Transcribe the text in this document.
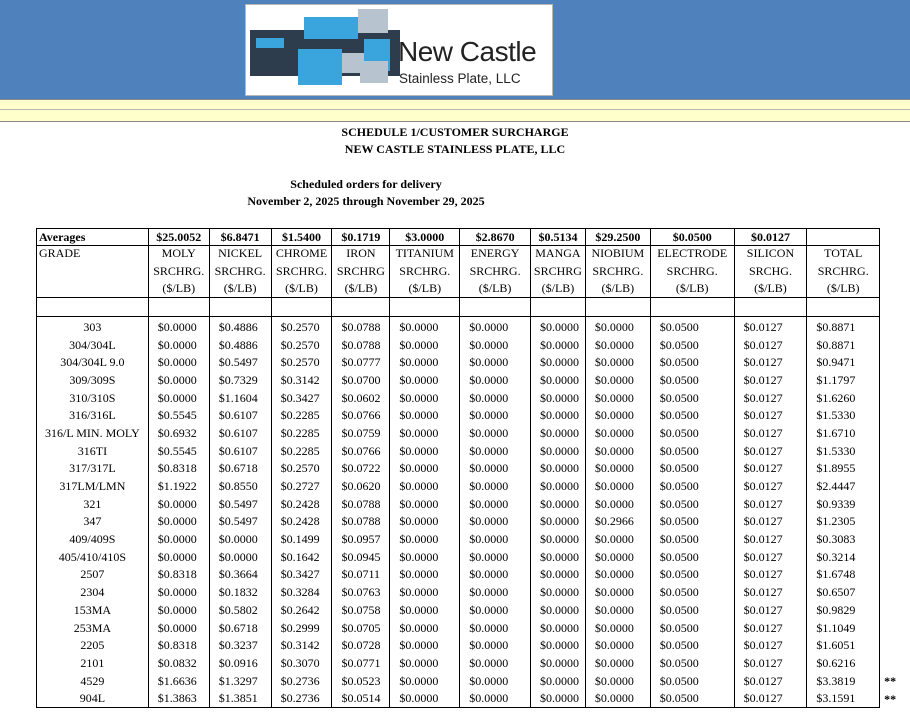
New Castle
Stainless Plate, LLC
SCHEDULE 1/CUSTOMER SURCHARGE
NEW CASTLE STAINLESS PLATE, LLC
Scheduled orders for delivery
November 2, 2025 through November 29, 2025
Averages	$25.0052	$6.8471	$1.5400	$0.1719	$3.0000	$2.8670	$0.5134	$29.2500	$0.0500	$0.0127		
GRADE	MOLY	NICKEL	CHROME	IRON	TITANIUM	ENERGY	MANGA	NIOBIUM	ELECTRODE	SILICON	TOTAL	
	SRCHRG.	SRCHRG.	SRCHRG.	SRCHRG	SRCHRG.	SRCHRG.	SRCHRG	SRCHRG.	SRCHRG.	SRCHG.	SRCHRG.	
	($/LB)	($/LB)	($/LB)	($/LB)	($/LB)	($/LB)	($/LB)	($/LB)	($/LB)	($/LB)	($/LB)	

303	$0.0000	$0.4886	$0.2570	$0.0788	$0.0000	$0.0000	$0.0000	$0.0000	$0.0500	$0.0127	$0.8871	
304/304L	$0.0000	$0.4886	$0.2570	$0.0788	$0.0000	$0.0000	$0.0000	$0.0000	$0.0500	$0.0127	$0.8871	
304/304L 9.0	$0.0000	$0.5497	$0.2570	$0.0777	$0.0000	$0.0000	$0.0000	$0.0000	$0.0500	$0.0127	$0.9471	
309/309S	$0.0000	$0.7329	$0.3142	$0.0700	$0.0000	$0.0000	$0.0000	$0.0000	$0.0500	$0.0127	$1.1797	
310/310S	$0.0000	$1.1604	$0.3427	$0.0602	$0.0000	$0.0000	$0.0000	$0.0000	$0.0500	$0.0127	$1.6260	
316/316L	$0.5545	$0.6107	$0.2285	$0.0766	$0.0000	$0.0000	$0.0000	$0.0000	$0.0500	$0.0127	$1.5330	
316/L MIN. MOLY	$0.6932	$0.6107	$0.2285	$0.0759	$0.0000	$0.0000	$0.0000	$0.0000	$0.0500	$0.0127	$1.6710	
316TI	$0.5545	$0.6107	$0.2285	$0.0766	$0.0000	$0.0000	$0.0000	$0.0000	$0.0500	$0.0127	$1.5330	
317/317L	$0.8318	$0.6718	$0.2570	$0.0722	$0.0000	$0.0000	$0.0000	$0.0000	$0.0500	$0.0127	$1.8955	
317LM/LMN	$1.1922	$0.8550	$0.2727	$0.0620	$0.0000	$0.0000	$0.0000	$0.0000	$0.0500	$0.0127	$2.4447	
321	$0.0000	$0.5497	$0.2428	$0.0788	$0.0000	$0.0000	$0.0000	$0.0000	$0.0500	$0.0127	$0.9339	
347	$0.0000	$0.5497	$0.2428	$0.0788	$0.0000	$0.0000	$0.0000	$0.2966	$0.0500	$0.0127	$1.2305	
409/409S	$0.0000	$0.0000	$0.1499	$0.0957	$0.0000	$0.0000	$0.0000	$0.0000	$0.0500	$0.0127	$0.3083	
405/410/410S	$0.0000	$0.0000	$0.1642	$0.0945	$0.0000	$0.0000	$0.0000	$0.0000	$0.0500	$0.0127	$0.3214	
2507	$0.8318	$0.3664	$0.3427	$0.0711	$0.0000	$0.0000	$0.0000	$0.0000	$0.0500	$0.0127	$1.6748	
2304	$0.0000	$0.1832	$0.3284	$0.0763	$0.0000	$0.0000	$0.0000	$0.0000	$0.0500	$0.0127	$0.6507	
153MA	$0.0000	$0.5802	$0.2642	$0.0758	$0.0000	$0.0000	$0.0000	$0.0000	$0.0500	$0.0127	$0.9829	
253MA	$0.0000	$0.6718	$0.2999	$0.0705	$0.0000	$0.0000	$0.0000	$0.0000	$0.0500	$0.0127	$1.1049	
2205	$0.8318	$0.3237	$0.3142	$0.0728	$0.0000	$0.0000	$0.0000	$0.0000	$0.0500	$0.0127	$1.6051	
2101	$0.0832	$0.0916	$0.3070	$0.0771	$0.0000	$0.0000	$0.0000	$0.0000	$0.0500	$0.0127	$0.6216	
4529	$1.6636	$1.3297	$0.2736	$0.0523	$0.0000	$0.0000	$0.0000	$0.0000	$0.0500	$0.0127	$3.3819	**
904L	$1.3863	$1.3851	$0.2736	$0.0514	$0.0000	$0.0000	$0.0000	$0.0000	$0.0500	$0.0127	$3.1591	**
